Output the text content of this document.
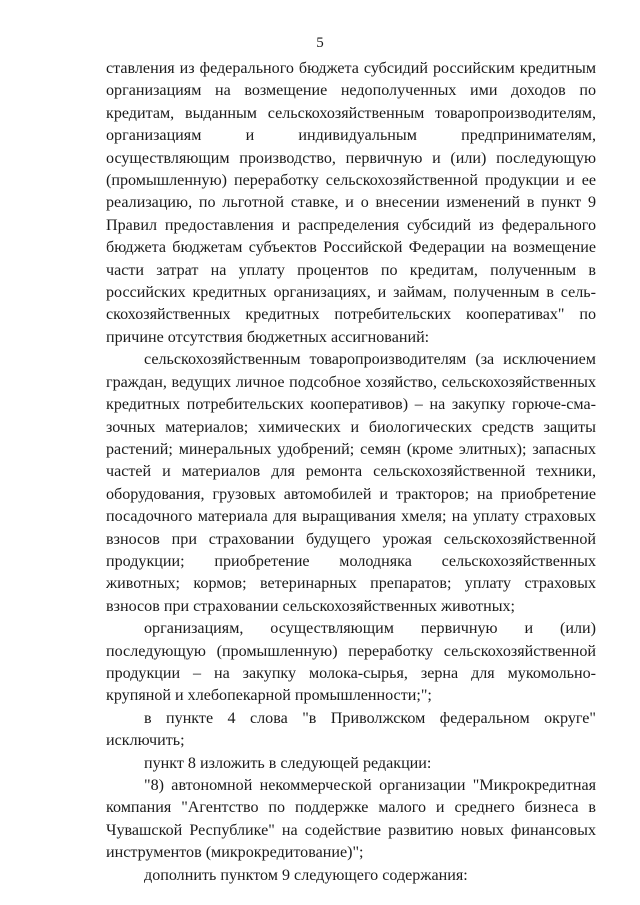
5

ставления из федерального бюджета субсидий российским кредитным организациям на возмещение недополученных ими доходов по кредитам, выданным сельскохозяйственным товаропроизводителям, организациям и индивидуальным предпринимателям, осуществляющим производство, первичную и (или) последующую (промышленную) переработку сельскохозяйственной продукции и ее реализацию, по льготной ставке, и о внесении изменений в пункт 9 Правил предоставления и распределения субсидий из федерального бюджета бюджетам субъектов Российской Федерации на возмещение части затрат на уплату процентов по кредитам, полученным в российских кредитных организациях, и займам, полученным в сельскохозяйственных кредитных потребительских кооперативах" по причине отсутствия бюджетных ассигнований:

сельскохозяйственным товаропроизводителям (за исключением граждан, ведущих личное подсобное хозяйство, сельскохозяйственных кредитных потребительских кооперативов) – на закупку горюче-смазочных материалов; химических и биологических средств защиты растений; минеральных удобрений; семян (кроме элитных); запасных частей и материалов для ремонта сельскохозяйственной техники, оборудования, грузовых автомобилей и тракторов; на приобретение посадочного материала для выращивания хмеля; на уплату страховых взносов при страховании будущего урожая сельскохозяйственной продукции; приобретение молодняка сельскохозяйственных животных; кормов; ветеринарных препаратов; уплату страховых взносов при страховании сельскохозяйственных животных;

организациям, осуществляющим первичную и (или) последующую (промышленную) переработку сельскохозяйственной продукции – на закупку молока-сырья, зерна для мукомольно-крупяной и хлебопекарной промышленности;";

в пункте 4 слова "в Приволжском федеральном округе" исключить;

пункт 8 изложить в следующей редакции:

"8) автономной некоммерческой организации "Микрокредитная компания "Агентство по поддержке малого и среднего бизнеса в Чувашской Республике" на содействие развитию новых финансовых инструментов (микрокредитование)";

дополнить пунктом 9 следующего содержания:
